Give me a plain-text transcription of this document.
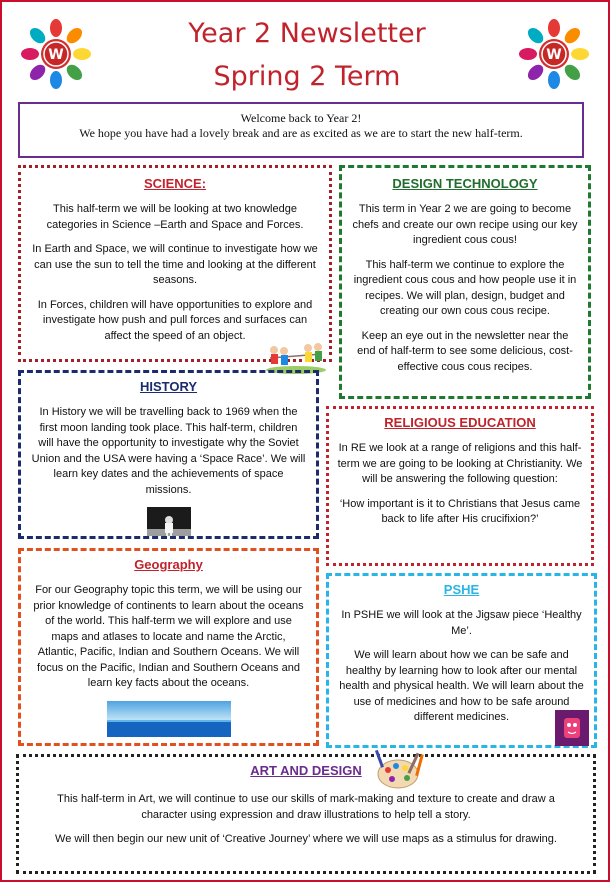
W	W
Year 2 Newsletter
Spring 2 Term
Welcome back to Year 2!
We hope you have had a lovely break and are as excited as we are to start the new half-term.
SCIENCE:

This half-term we will be looking at two knowledge categories in Science –Earth and Space and Forces.

In Earth and Space, we will continue to investigate how we can use the sun to tell the time and looking at the different seasons.

In Forces, children will have opportunities to explore and investigate how push and pull forces and surfaces can affect the speed of an object.

DESIGN TECHNOLOGY

This term in Year 2 we are going to become chefs and create our own recipe using our key ingredient cous cous!

This half-term we continue to explore the ingredient cous cous and how people use it in recipes. We will plan, design, budget and creating our own cous cous recipe.

Keep an eye out in the newsletter near the end of half-term to see some delicious, cost-effective cous cous recipes.

HISTORY

In History we will be travelling back to 1969 when the first moon landing took place. This half-term, children will have the opportunity to investigate why the Soviet Union and the USA were having a ‘Space Race’. We will learn key dates and the achievements of space missions.

RELIGIOUS EDUCATION

In RE we look at a range of religions and this half-term we are going to be looking at Christianity. We will be answering the following question:

‘How important is it to Christians that Jesus came back to life after His crucifixion?’

Geography

For our Geography topic this term, we will be using our prior knowledge of continents to learn about the oceans of the world. This half-term we will explore and use maps and atlases to locate and name the Arctic, Atlantic, Pacific, Indian and Southern Oceans. We will focus on the Pacific, Indian and Southern Oceans and learn key facts about the oceans.

PSHE

In PSHE we will look at the Jigsaw piece ‘Healthy Me’.

We will learn about how we can be safe and healthy by learning how to look after our mental health and physical health. We will learn about the use of medicines and how to be safe around different medicines.

ART AND DESIGN

This half-term in Art, we will continue to use our skills of mark-making and texture to create and draw a character using expression and draw illustrations to help tell a story.

We will then begin our new unit of ‘Creative Journey’ where we will use maps as a stimulus for drawing.
